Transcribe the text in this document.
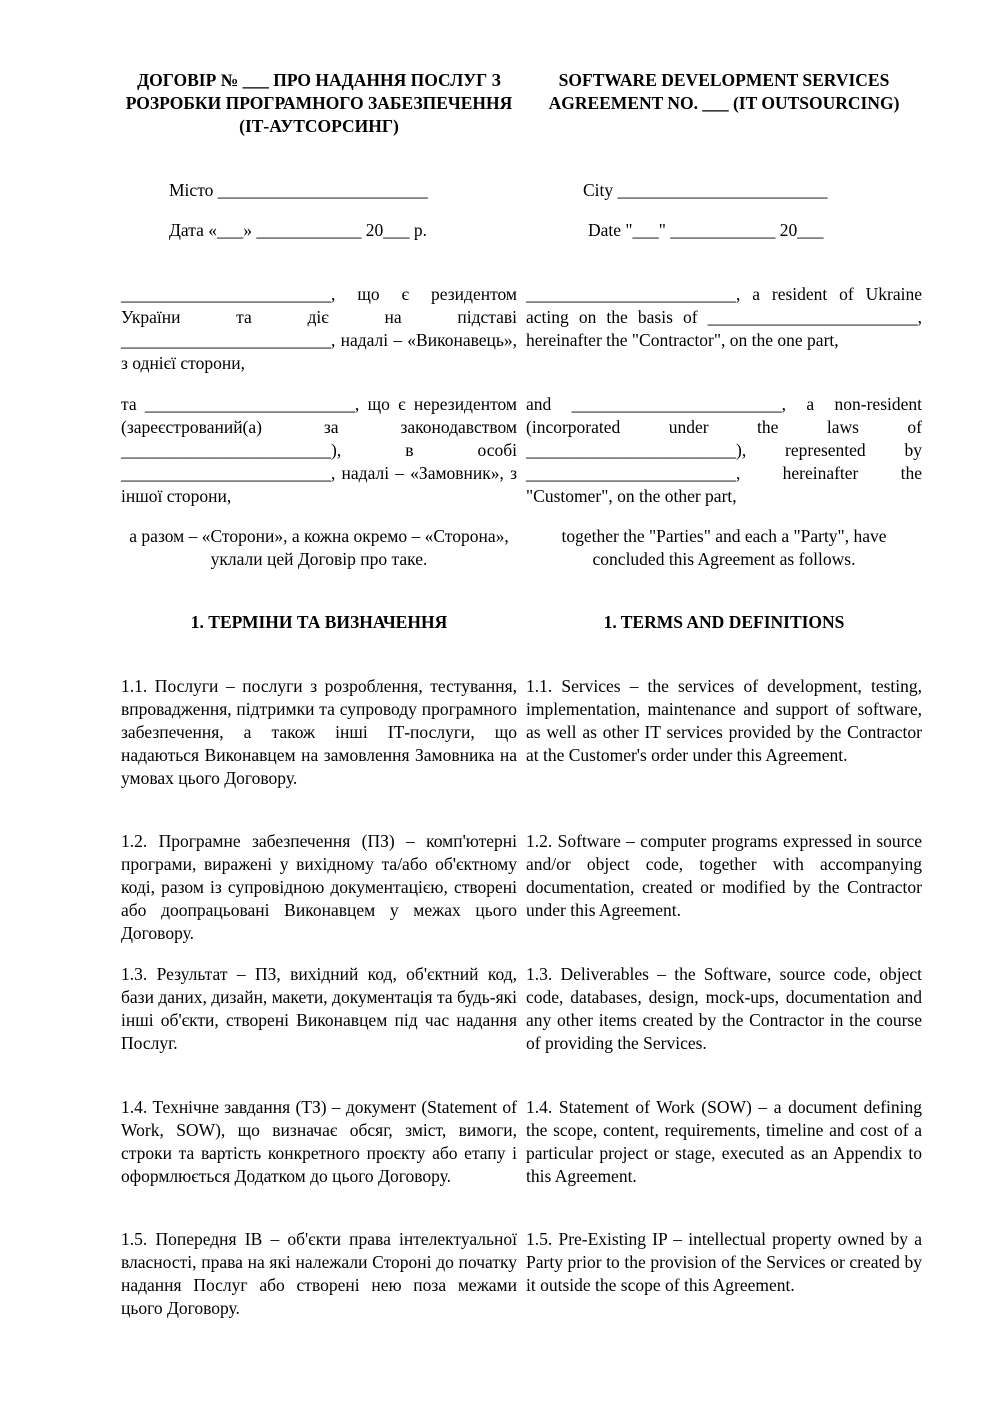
ДОГОВІР № ___ ПРО НАДАННЯ ПОСЛУГ З РОЗРОБКИ ПРОГРАМНОГО ЗАБЕЗПЕЧЕННЯ (ІТ-АУТСОРСИНГ)
SOFTWARE DEVELOPMENT SERVICES AGREEMENT NO. ___ (IT OUTSOURCING)
Місто ________________________	City ________________________
Дата «___» ____________ 20___ р.	Date "___" ____________ 20___
________________________, що є резидентом України та діє на підставі ________________________, надалі – «Виконавець», з однієї сторони,
________________________, a resident of Ukraine acting on the basis of ________________________, hereinafter the "Contractor", on the one part,
та ________________________, що є нерезидентом (зареєстрований(а) за законодавством ________________________), в особі ________________________, надалі – «Замовник», з іншої сторони,
and ________________________, a non-resident (incorporated under the laws of ________________________), represented by ________________________, hereinafter the "Customer", on the other part,
а разом – «Сторони», а кожна окремо – «Сторона», уклали цей Договір про таке.
together the "Parties" and each a "Party", have concluded this Agreement as follows.
1. ТЕРМІНИ ТА ВИЗНАЧЕННЯ	1. TERMS AND DEFINITIONS
1.1. Послуги – послуги з розроблення, тестування, впровадження, підтримки та супроводу програмного забезпечення, а також інші ІТ-послуги, що надаються Виконавцем на замовлення Замовника на умовах цього Договору.
1.1. Services – the services of development, testing, implementation, maintenance and support of software, as well as other IT services provided by the Contractor at the Customer's order under this Agreement.
1.2. Програмне забезпечення (ПЗ) – комп'ютерні програми, виражені у вихідному та/або об'єктному коді, разом із супровідною документацією, створені або доопрацьовані Виконавцем у межах цього Договору.
1.2. Software – computer programs expressed in source and/or object code, together with accompanying documentation, created or modified by the Contractor under this Agreement.
1.3. Результат – ПЗ, вихідний код, об'єктний код, бази даних, дизайн, макети, документація та будь-які інші об'єкти, створені Виконавцем під час надання Послуг.
1.3. Deliverables – the Software, source code, object code, databases, design, mock-ups, documentation and any other items created by the Contractor in the course of providing the Services.
1.4. Технічне завдання (ТЗ) – документ (Statement of Work, SOW), що визначає обсяг, зміст, вимоги, строки та вартість конкретного проєкту або етапу і оформлюється Додатком до цього Договору.
1.4. Statement of Work (SOW) – a document defining the scope, content, requirements, timeline and cost of a particular project or stage, executed as an Appendix to this Agreement.
1.5. Попередня ІВ – об'єкти права інтелектуальної власності, права на які належали Стороні до початку надання Послуг або створені нею поза межами цього Договору.
1.5. Pre-Existing IP – intellectual property owned by a Party prior to the provision of the Services or created by it outside the scope of this Agreement.
